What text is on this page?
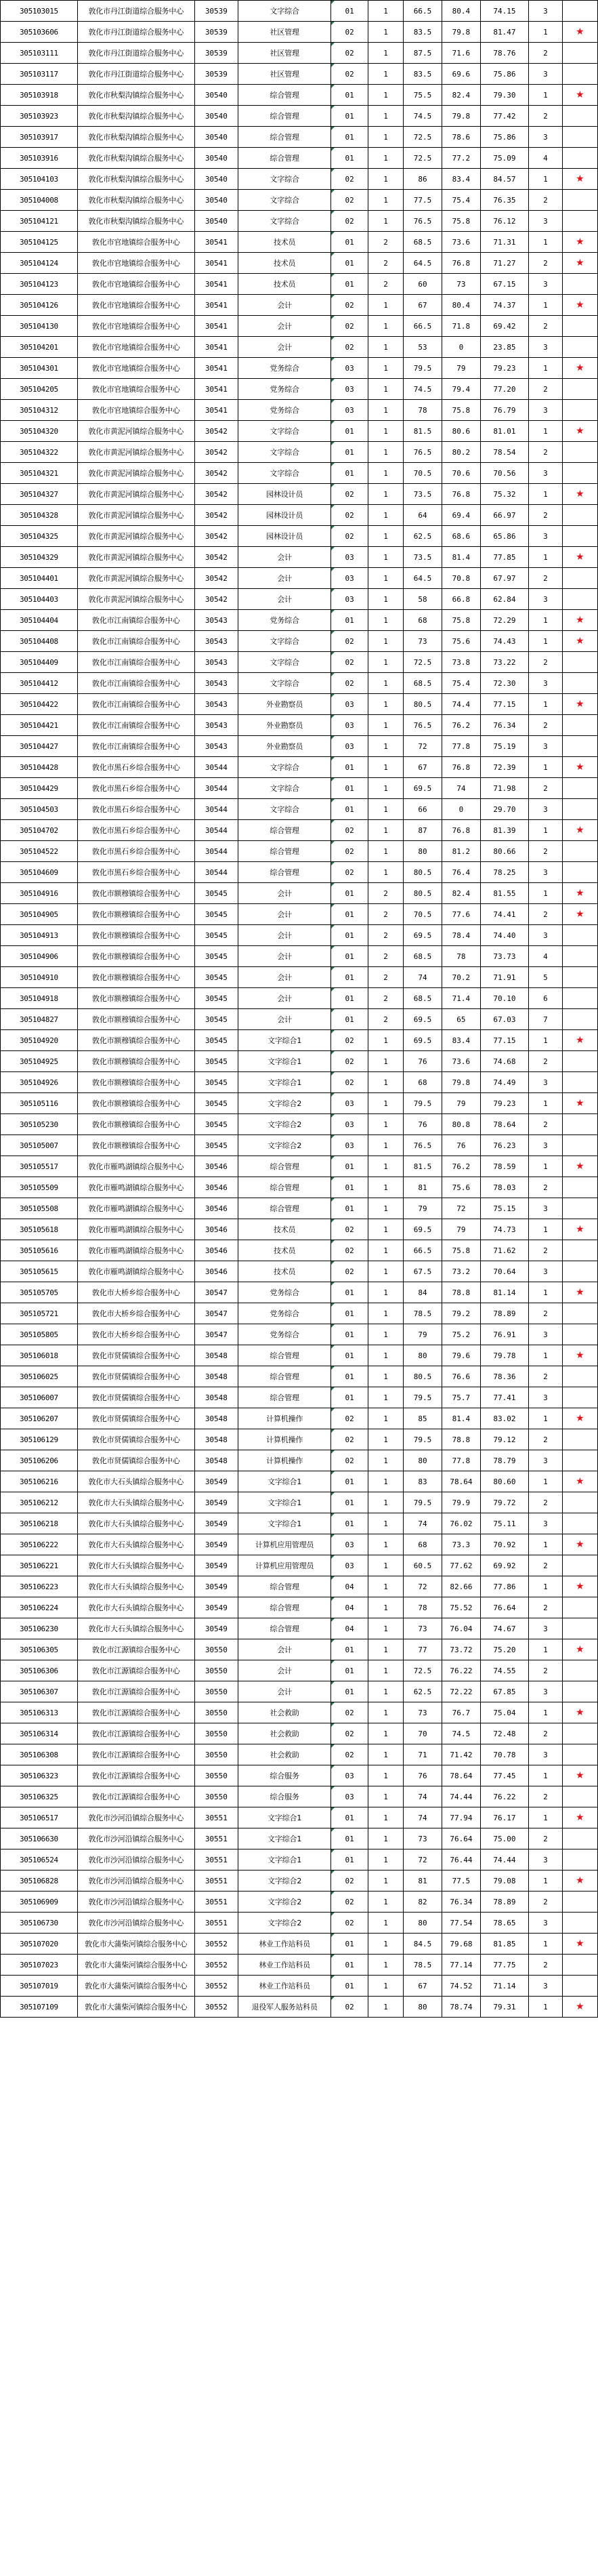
305103015	敦化市丹江街道综合服务中心	30539	文字综合	01	1	66.5	80.4	74.15	3	
305103606	敦化市丹江街道综合服务中心	30539	社区管理	02	1	83.5	79.8	81.47	1	★
305103111	敦化市丹江街道综合服务中心	30539	社区管理	02	1	87.5	71.6	78.76	2	
305103117	敦化市丹江街道综合服务中心	30539	社区管理	02	1	83.5	69.6	75.86	3	
305103918	敦化市秋梨沟镇综合服务中心	30540	综合管理	01	1	75.5	82.4	79.30	1	★
305103923	敦化市秋梨沟镇综合服务中心	30540	综合管理	01	1	74.5	79.8	77.42	2	
305103917	敦化市秋梨沟镇综合服务中心	30540	综合管理	01	1	72.5	78.6	75.86	3	
305103916	敦化市秋梨沟镇综合服务中心	30540	综合管理	01	1	72.5	77.2	75.09	4	
305104103	敦化市秋梨沟镇综合服务中心	30540	文字综合	02	1	86	83.4	84.57	1	★
305104008	敦化市秋梨沟镇综合服务中心	30540	文字综合	02	1	77.5	75.4	76.35	2	
305104121	敦化市秋梨沟镇综合服务中心	30540	文字综合	02	1	76.5	75.8	76.12	3	
305104125	敦化市官地镇综合服务中心	30541	技术员	01	2	68.5	73.6	71.31	1	★
305104124	敦化市官地镇综合服务中心	30541	技术员	01	2	64.5	76.8	71.27	2	★
305104123	敦化市官地镇综合服务中心	30541	技术员	01	2	60	73	67.15	3	
305104126	敦化市官地镇综合服务中心	30541	会计	02	1	67	80.4	74.37	1	★
305104130	敦化市官地镇综合服务中心	30541	会计	02	1	66.5	71.8	69.42	2	
305104201	敦化市官地镇综合服务中心	30541	会计	02	1	53	0	23.85	3	
305104301	敦化市官地镇综合服务中心	30541	党务综合	03	1	79.5	79	79.23	1	★
305104205	敦化市官地镇综合服务中心	30541	党务综合	03	1	74.5	79.4	77.20	2	
305104312	敦化市官地镇综合服务中心	30541	党务综合	03	1	78	75.8	76.79	3	
305104320	敦化市黄泥河镇综合服务中心	30542	文字综合	01	1	81.5	80.6	81.01	1	★
305104322	敦化市黄泥河镇综合服务中心	30542	文字综合	01	1	76.5	80.2	78.54	2	
305104321	敦化市黄泥河镇综合服务中心	30542	文字综合	01	1	70.5	70.6	70.56	3	
305104327	敦化市黄泥河镇综合服务中心	30542	园林设计员	02	1	73.5	76.8	75.32	1	★
305104328	敦化市黄泥河镇综合服务中心	30542	园林设计员	02	1	64	69.4	66.97	2	
305104325	敦化市黄泥河镇综合服务中心	30542	园林设计员	02	1	62.5	68.6	65.86	3	
305104329	敦化市黄泥河镇综合服务中心	30542	会计	03	1	73.5	81.4	77.85	1	★
305104401	敦化市黄泥河镇综合服务中心	30542	会计	03	1	64.5	70.8	67.97	2	
305104403	敦化市黄泥河镇综合服务中心	30542	会计	03	1	58	66.8	62.84	3	
305104404	敦化市江南镇综合服务中心	30543	党务综合	01	1	68	75.8	72.29	1	★
305104408	敦化市江南镇综合服务中心	30543	文字综合	02	1	73	75.6	74.43	1	★
305104409	敦化市江南镇综合服务中心	30543	文字综合	02	1	72.5	73.8	73.22	2	
305104412	敦化市江南镇综合服务中心	30543	文字综合	02	1	68.5	75.4	72.30	3	
305104422	敦化市江南镇综合服务中心	30543	外业勘察员	03	1	80.5	74.4	77.15	1	★
305104421	敦化市江南镇综合服务中心	30543	外业勘察员	03	1	76.5	76.2	76.34	2	
305104427	敦化市江南镇综合服务中心	30543	外业勘察员	03	1	72	77.8	75.19	3	
305104428	敦化市黑石乡综合服务中心	30544	文字综合	01	1	67	76.8	72.39	1	★
305104429	敦化市黑石乡综合服务中心	30544	文字综合	01	1	69.5	74	71.98	2	
305104503	敦化市黑石乡综合服务中心	30544	文字综合	01	1	66	0	29.70	3	
305104702	敦化市黑石乡综合服务中心	30544	综合管理	02	1	87	76.8	81.39	1	★
305104522	敦化市黑石乡综合服务中心	30544	综合管理	02	1	80	81.2	80.66	2	
305104609	敦化市黑石乡综合服务中心	30544	综合管理	02	1	80.5	76.4	78.25	3	
305104916	敦化市额穆镇综合服务中心	30545	会计	01	2	80.5	82.4	81.55	1	★
305104905	敦化市额穆镇综合服务中心	30545	会计	01	2	70.5	77.6	74.41	2	★
305104913	敦化市额穆镇综合服务中心	30545	会计	01	2	69.5	78.4	74.40	3	
305104906	敦化市额穆镇综合服务中心	30545	会计	01	2	68.5	78	73.73	4	
305104910	敦化市额穆镇综合服务中心	30545	会计	01	2	74	70.2	71.91	5	
305104918	敦化市额穆镇综合服务中心	30545	会计	01	2	68.5	71.4	70.10	6	
305104827	敦化市额穆镇综合服务中心	30545	会计	01	2	69.5	65	67.03	7	
305104920	敦化市额穆镇综合服务中心	30545	文字综合1	02	1	69.5	83.4	77.15	1	★
305104925	敦化市额穆镇综合服务中心	30545	文字综合1	02	1	76	73.6	74.68	2	
305104926	敦化市额穆镇综合服务中心	30545	文字综合1	02	1	68	79.8	74.49	3	
305105116	敦化市额穆镇综合服务中心	30545	文字综合2	03	1	79.5	79	79.23	1	★
305105230	敦化市额穆镇综合服务中心	30545	文字综合2	03	1	76	80.8	78.64	2	
305105007	敦化市额穆镇综合服务中心	30545	文字综合2	03	1	76.5	76	76.23	3	
305105517	敦化市雁鸣湖镇综合服务中心	30546	综合管理	01	1	81.5	76.2	78.59	1	★
305105509	敦化市雁鸣湖镇综合服务中心	30546	综合管理	01	1	81	75.6	78.03	2	
305105508	敦化市雁鸣湖镇综合服务中心	30546	综合管理	01	1	79	72	75.15	3	
305105618	敦化市雁鸣湖镇综合服务中心	30546	技术员	02	1	69.5	79	74.73	1	★
305105616	敦化市雁鸣湖镇综合服务中心	30546	技术员	02	1	66.5	75.8	71.62	2	
305105615	敦化市雁鸣湖镇综合服务中心	30546	技术员	02	1	67.5	73.2	70.64	3	
305105705	敦化市大桥乡综合服务中心	30547	党务综合	01	1	84	78.8	81.14	1	★
305105721	敦化市大桥乡综合服务中心	30547	党务综合	01	1	78.5	79.2	78.89	2	
305105805	敦化市大桥乡综合服务中心	30547	党务综合	01	1	79	75.2	76.91	3	
305106018	敦化市贤儒镇综合服务中心	30548	综合管理	01	1	80	79.6	79.78	1	★
305106025	敦化市贤儒镇综合服务中心	30548	综合管理	01	1	80.5	76.6	78.36	2	
305106007	敦化市贤儒镇综合服务中心	30548	综合管理	01	1	79.5	75.7	77.41	3	
305106207	敦化市贤儒镇综合服务中心	30548	计算机操作	02	1	85	81.4	83.02	1	★
305106129	敦化市贤儒镇综合服务中心	30548	计算机操作	02	1	79.5	78.8	79.12	2	
305106206	敦化市贤儒镇综合服务中心	30548	计算机操作	02	1	80	77.8	78.79	3	
305106216	敦化市大石头镇综合服务中心	30549	文字综合1	01	1	83	78.64	80.60	1	★
305106212	敦化市大石头镇综合服务中心	30549	文字综合1	01	1	79.5	79.9	79.72	2	
305106218	敦化市大石头镇综合服务中心	30549	文字综合1	01	1	74	76.02	75.11	3	
305106222	敦化市大石头镇综合服务中心	30549	计算机应用管理员	03	1	68	73.3	70.92	1	★
305106221	敦化市大石头镇综合服务中心	30549	计算机应用管理员	03	1	60.5	77.62	69.92	2	
305106223	敦化市大石头镇综合服务中心	30549	综合管理	04	1	72	82.66	77.86	1	★
305106224	敦化市大石头镇综合服务中心	30549	综合管理	04	1	78	75.52	76.64	2	
305106230	敦化市大石头镇综合服务中心	30549	综合管理	04	1	73	76.04	74.67	3	
305106305	敦化市江源镇综合服务中心	30550	会计	01	1	77	73.72	75.20	1	★
305106306	敦化市江源镇综合服务中心	30550	会计	01	1	72.5	76.22	74.55	2	
305106307	敦化市江源镇综合服务中心	30550	会计	01	1	62.5	72.22	67.85	3	
305106313	敦化市江源镇综合服务中心	30550	社会救助	02	1	73	76.7	75.04	1	★
305106314	敦化市江源镇综合服务中心	30550	社会救助	02	1	70	74.5	72.48	2	
305106308	敦化市江源镇综合服务中心	30550	社会救助	02	1	71	71.42	70.78	3	
305106323	敦化市江源镇综合服务中心	30550	综合服务	03	1	76	78.64	77.45	1	★
305106325	敦化市江源镇综合服务中心	30550	综合服务	03	1	74	74.44	76.22	2	
305106517	敦化市沙河沿镇综合服务中心	30551	文字综合1	01	1	74	77.94	76.17	1	★
305106630	敦化市沙河沿镇综合服务中心	30551	文字综合1	01	1	73	76.64	75.00	2	
305106524	敦化市沙河沿镇综合服务中心	30551	文字综合1	01	1	72	76.44	74.44	3	
305106828	敦化市沙河沿镇综合服务中心	30551	文字综合2	02	1	81	77.5	79.08	1	★
305106909	敦化市沙河沿镇综合服务中心	30551	文字综合2	02	1	82	76.34	78.89	2	
305106730	敦化市沙河沿镇综合服务中心	30551	文字综合2	02	1	80	77.54	78.65	3	
305107020	敦化市大蒲柴河镇综合服务中心	30552	林业工作站科员	01	1	84.5	79.68	81.85	1	★
305107023	敦化市大蒲柴河镇综合服务中心	30552	林业工作站科员	01	1	78.5	77.14	77.75	2	
305107019	敦化市大蒲柴河镇综合服务中心	30552	林业工作站科员	01	1	67	74.52	71.14	3	
305107109	敦化市大蒲柴河镇综合服务中心	30552	退役军人服务站科员	02	1	80	78.74	79.31	1	★
